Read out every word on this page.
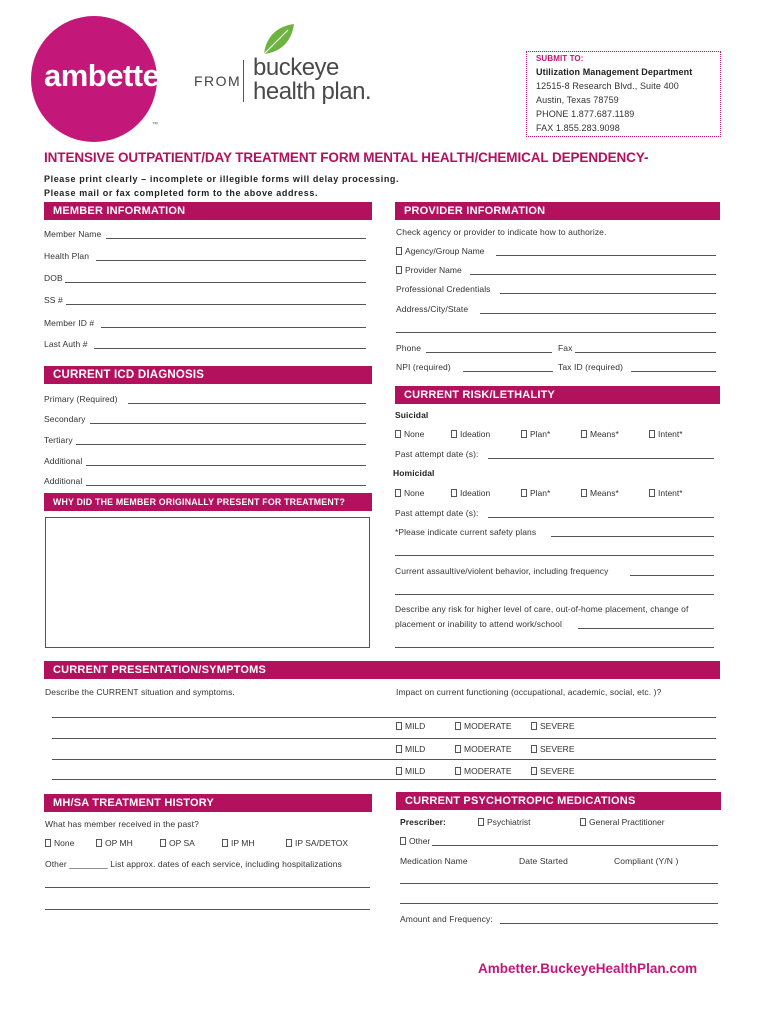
ambetter.
™
FROM buckeye
health plan.
SUBMIT TO:
Utilization Management Department
12515-8 Research Blvd., Suite 400
Austin, Texas 78759
PHONE 1.877.687.1189
FAX 1.855.283.9098
INTENSIVE OUTPATIENT/DAY TREATMENT FORM MENTAL HEALTH/CHEMICAL DEPENDENCY-
Please print clearly – incomplete or illegible forms will delay processing.
Please mail or fax completed form to the above address.
MEMBER INFORMATION
Member Name
Health Plan
DOB
SS #
Member ID #
Last Auth #
PROVIDER INFORMATION
Check agency or provider to indicate how to authorize.
Agency/Group Name
Provider Name
Professional Credentials
Address/City/State
Phone	Fax
NPI (required)	Tax ID (required)
CURRENT ICD DIAGNOSIS
Primary (Required)
Secondary
Tertiary
Additional
Additional
WHY DID THE MEMBER ORIGINALLY PRESENT FOR TREATMENT?
CURRENT RISK/LETHALITY
Suicidal
None	Ideation	Plan*	Means*	Intent*
Past attempt date (s):
Homicidal
None	Ideation	Plan*	Means*	Intent*
Past attempt date (s):
*Please indicate current safety plans
Current assaultive/violent behavior, including frequency
Describe any risk for higher level of care, out-of-home placement, change of
placement or inability to attend work/school
CURRENT PRESENTATION/SYMPTOMS
Describe the CURRENT situation and symptoms.	Impact on current functioning (occupational, academic, social, etc. )?
MILD	MODERATE	SEVERE
MILD	MODERATE	SEVERE
MILD	MODERATE	SEVERE
MH/SA TREATMENT HISTORY
What has member received in the past?
None	OP MH	OP SA	IP MH	IP SA/DETOX
Other ________ List approx. dates of each service, including hospitalizations
CURRENT PSYCHOTROPIC MEDICATIONS
Prescriber:	Psychiatrist	General Practitioner
Other
Medication Name	Date Started	Compliant (Y/N )
Amount and Frequency:
Ambetter.BuckeyeHealthPlan.com
